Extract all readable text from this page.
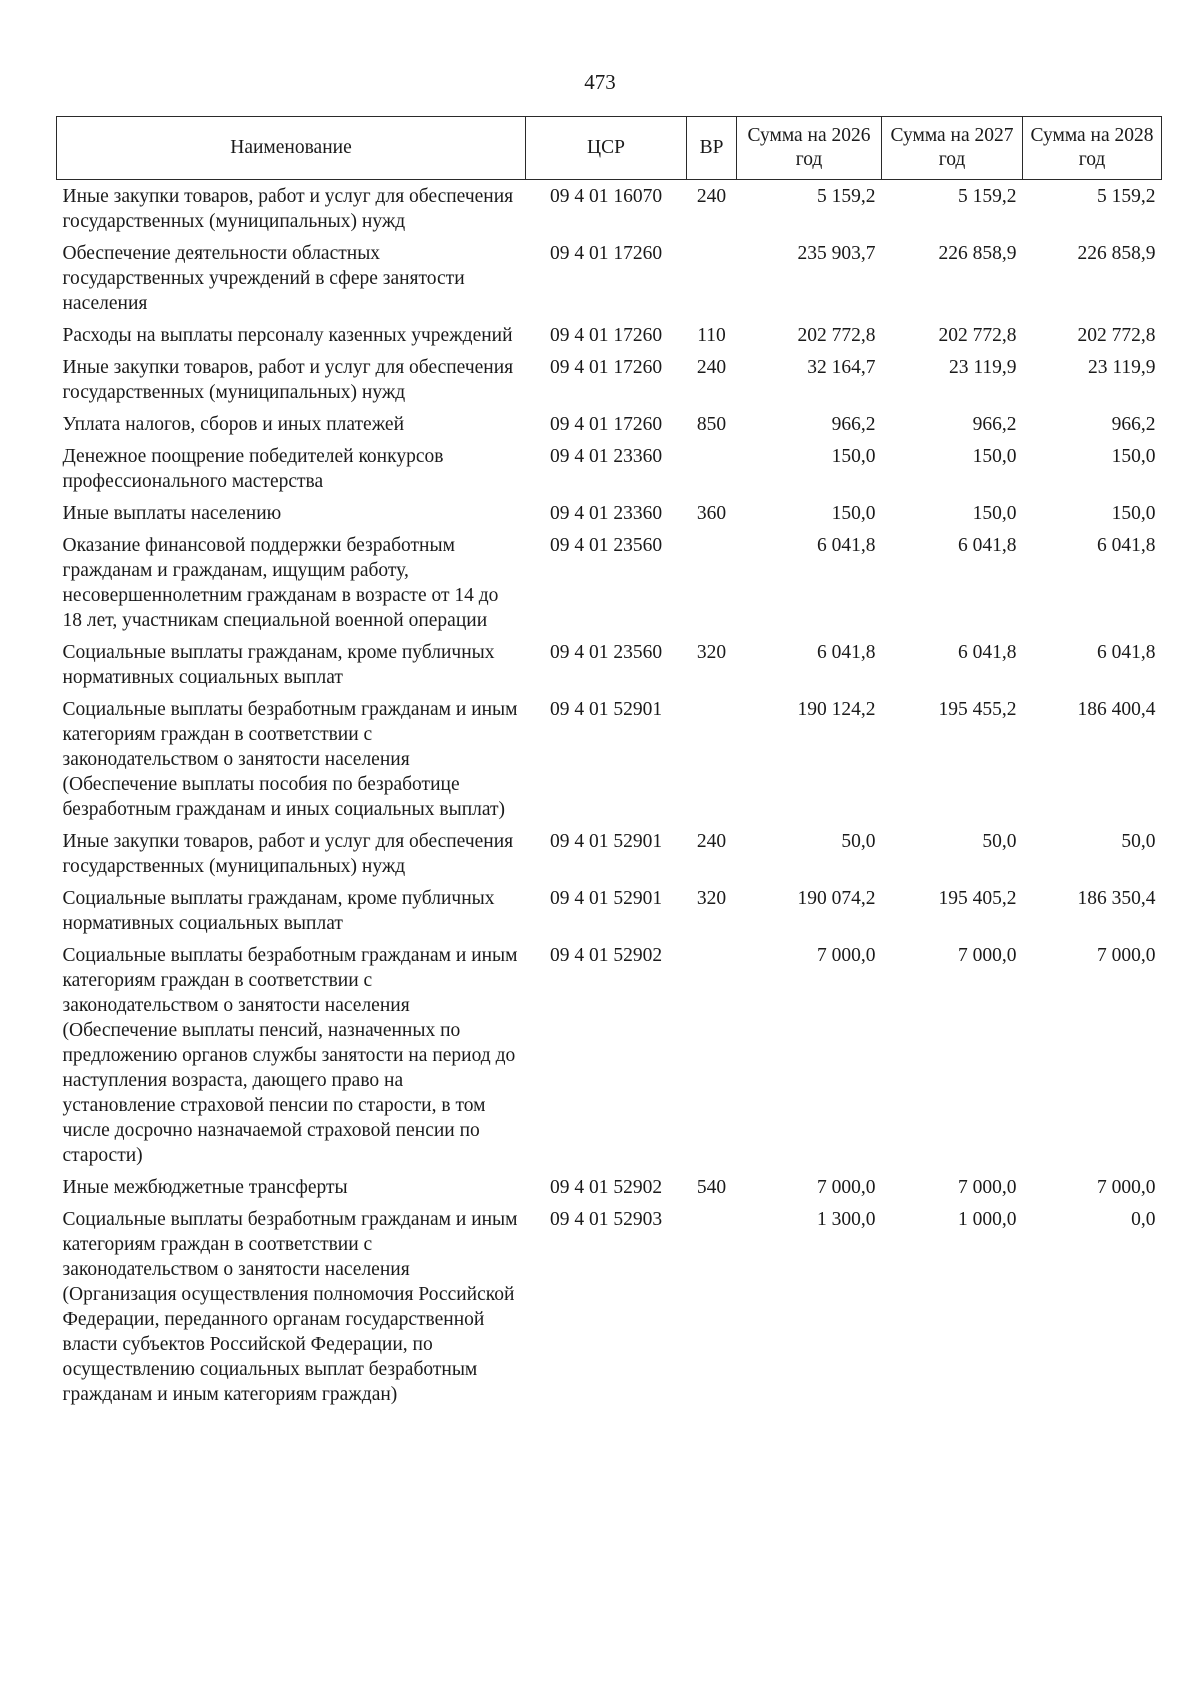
473
Наименование	ЦСР	ВР	Сумма на 2026 год	Сумма на 2027 год	Сумма на 2028 год
Иные закупки товаров, работ и услуг для обеспечения государственных (муниципальных) нужд	09 4 01 16070	240	5 159,2	5 159,2	5 159,2
Обеспечение деятельности областных государственных учреждений в сфере занятости населения	09 4 01 17260		235 903,7	226 858,9	226 858,9
Расходы на выплаты персоналу казенных учреждений	09 4 01 17260	110	202 772,8	202 772,8	202 772,8
Иные закупки товаров, работ и услуг для обеспечения государственных (муниципальных) нужд	09 4 01 17260	240	32 164,7	23 119,9	23 119,9
Уплата налогов, сборов и иных платежей	09 4 01 17260	850	966,2	966,2	966,2
Денежное поощрение победителей конкурсов профессионального мастерства	09 4 01 23360		150,0	150,0	150,0
Иные выплаты населению	09 4 01 23360	360	150,0	150,0	150,0
Оказание финансовой поддержки безработным гражданам и гражданам, ищущим работу, несовершеннолетним гражданам в возрасте от 14 до 18 лет, участникам специальной военной операции	09 4 01 23560		6 041,8	6 041,8	6 041,8
Социальные выплаты гражданам, кроме публичных нормативных социальных выплат	09 4 01 23560	320	6 041,8	6 041,8	6 041,8
Социальные выплаты безработным гражданам и иным категориям граждан в соответствии с законодательством о занятости населения (Обеспечение выплаты пособия по безработице безработным гражданам и иных социальных выплат)	09 4 01 52901		190 124,2	195 455,2	186 400,4
Иные закупки товаров, работ и услуг для обеспечения государственных (муниципальных) нужд	09 4 01 52901	240	50,0	50,0	50,0
Социальные выплаты гражданам, кроме публичных нормативных социальных выплат	09 4 01 52901	320	190 074,2	195 405,2	186 350,4
Социальные выплаты безработным гражданам и иным категориям граждан в соответствии с законодательством о занятости населения (Обеспечение выплаты пенсий, назначенных по предложению органов службы занятости на период до наступления возраста, дающего право на установление страховой пенсии по старости, в том числе досрочно назначаемой страховой пенсии по старости)	09 4 01 52902		7 000,0	7 000,0	7 000,0
Иные межбюджетные трансферты	09 4 01 52902	540	7 000,0	7 000,0	7 000,0
Социальные выплаты безработным гражданам и иным категориям граждан в соответствии с законодательством о занятости населения (Организация осуществления полномочия Российской Федерации, переданного органам государственной власти субъектов Российской Федерации, по осуществлению социальных выплат безработным гражданам и иным категориям граждан)	09 4 01 52903		1 300,0	1 000,0	0,0
